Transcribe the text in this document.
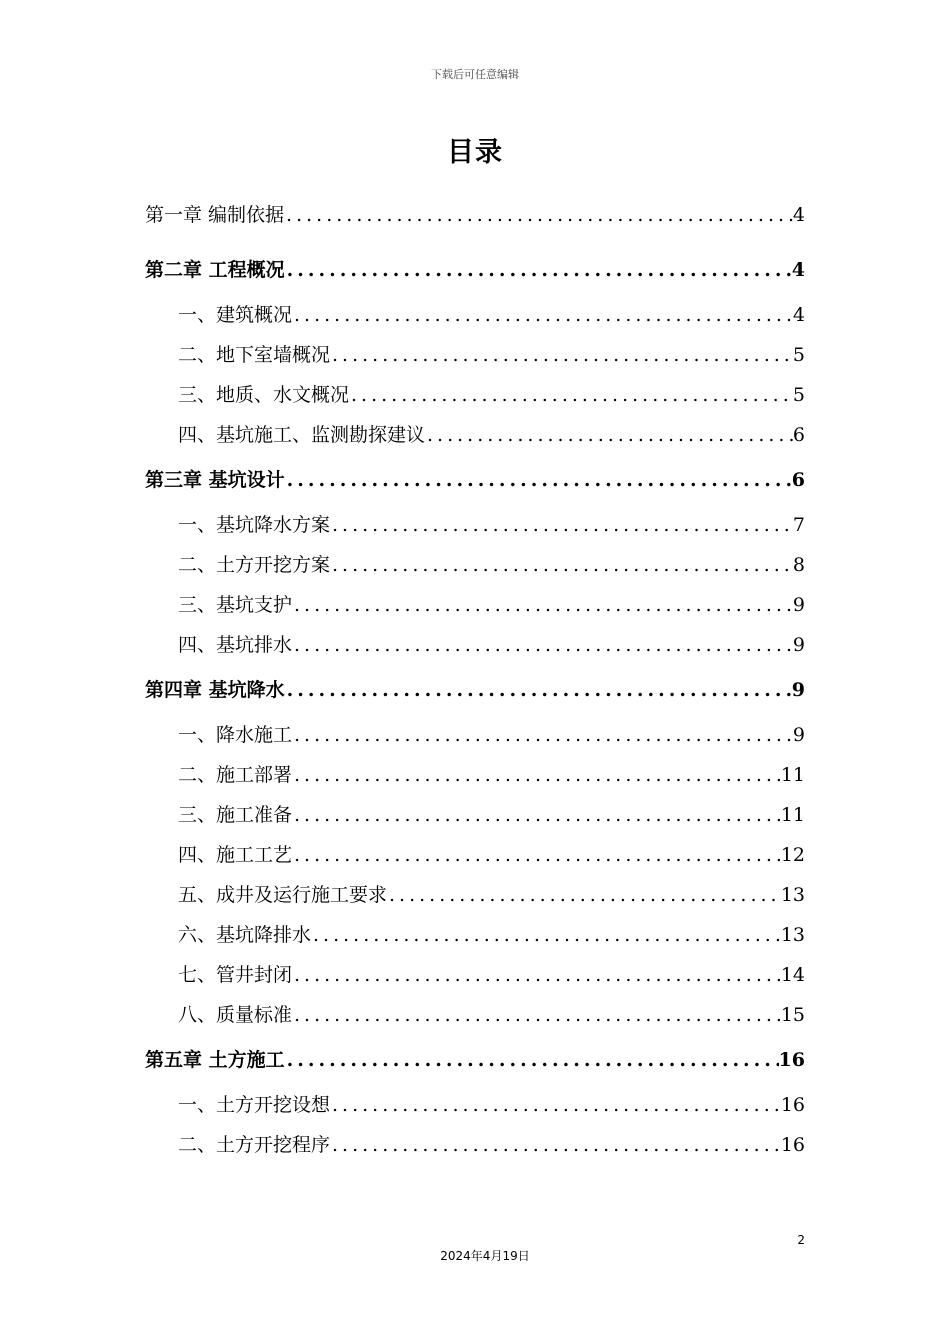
下载后可任意编辑
目录
第一章 编制依据 .....	4
第二章 工程概况 .....	4
一、建筑概况 .....	4
二、地下室墙概况 .....	5
三、地质、水文概况 .....	5
四、基坑施工、监测勘探建议 .....	6
第三章 基坑设计 .....	6
一、基坑降水方案 .....	7
二、土方开挖方案 .....	8
三、基坑支护 .....	9
四、基坑排水 .....	9
第四章 基坑降水 .....	9
一、降水施工 .....	9
二、施工部署 .....	11
三、施工准备 .....	11
四、施工工艺 .....	12
五、成井及运行施工要求 .....	13
六、基坑降排水 .....	13
七、管井封闭 .....	14
八、质量标准 .....	15
第五章 土方施工 .....	16
一、土方开挖设想 .....	16
二、土方开挖程序 .....	16
2
2024年4月19日
